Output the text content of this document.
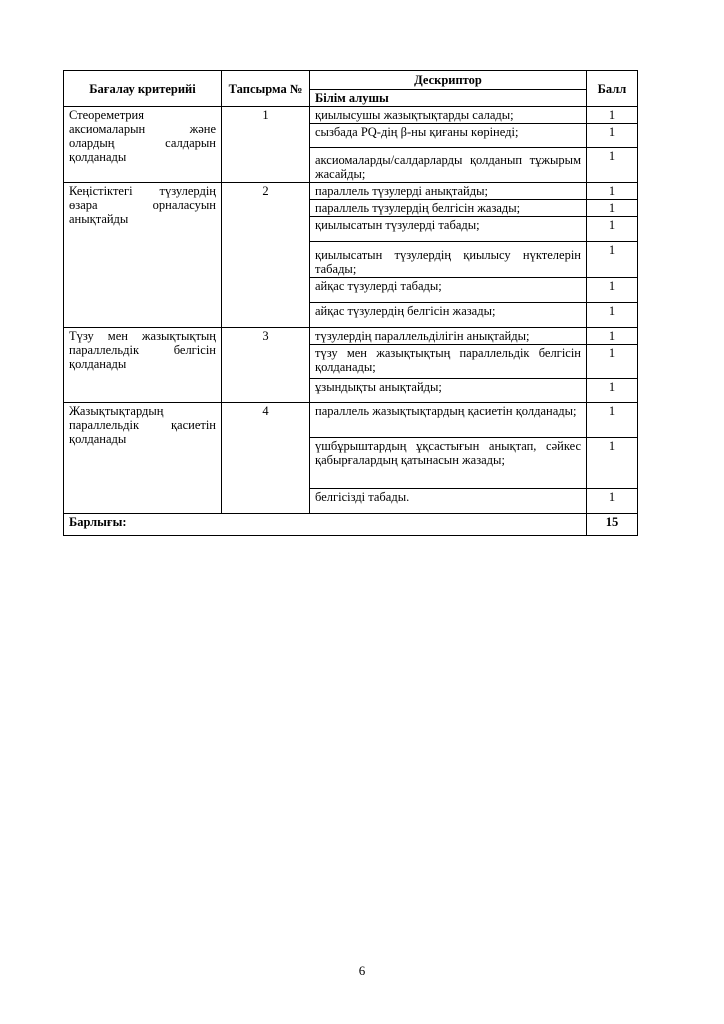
Бағалау критерийі	Тапсырма №	Дескриптор	Балл
		Білім алушы	
Стеореметрия аксиомаларын және олардың салдарын қолданады	1	қиылысушы жазықтықтарды салады;	1
		сызбада PQ-дің β-ны қиғаны көрінеді;	1
		аксиомаларды/салдарларды қолданып тұжырым жасайды;	1
Кеңістіктегі түзулердің өзара орналасуын анықтайды	2	параллель түзулерді анықтайды;	1
		параллель түзулердің белгісін жазады;	1
		қиылысатын түзулерді табады;	1
		қиылысатын түзулердің қиылысу нүктелерін табады;	1
		айқас түзулерді табады;	1
		айқас түзулердің белгісін жазады;	1
Түзу мен жазықтықтың параллельдік белгісін қолданады	3	түзулердің параллельділігін анықтайды;	1
		түзу мен жазықтықтың параллельдік белгісін қолданады;	1
		ұзындықты анықтайды;	1
Жазықтықтардың параллельдік қасиетін қолданады	4	параллель жазықтықтардың қасиетін қолданады;	1
		үшбұрыштардың ұқсастығын анықтап, сәйкес қабырғалардың қатынасын жазады;	1
		белгісізді табады.	1
Барлығы:			15
6
